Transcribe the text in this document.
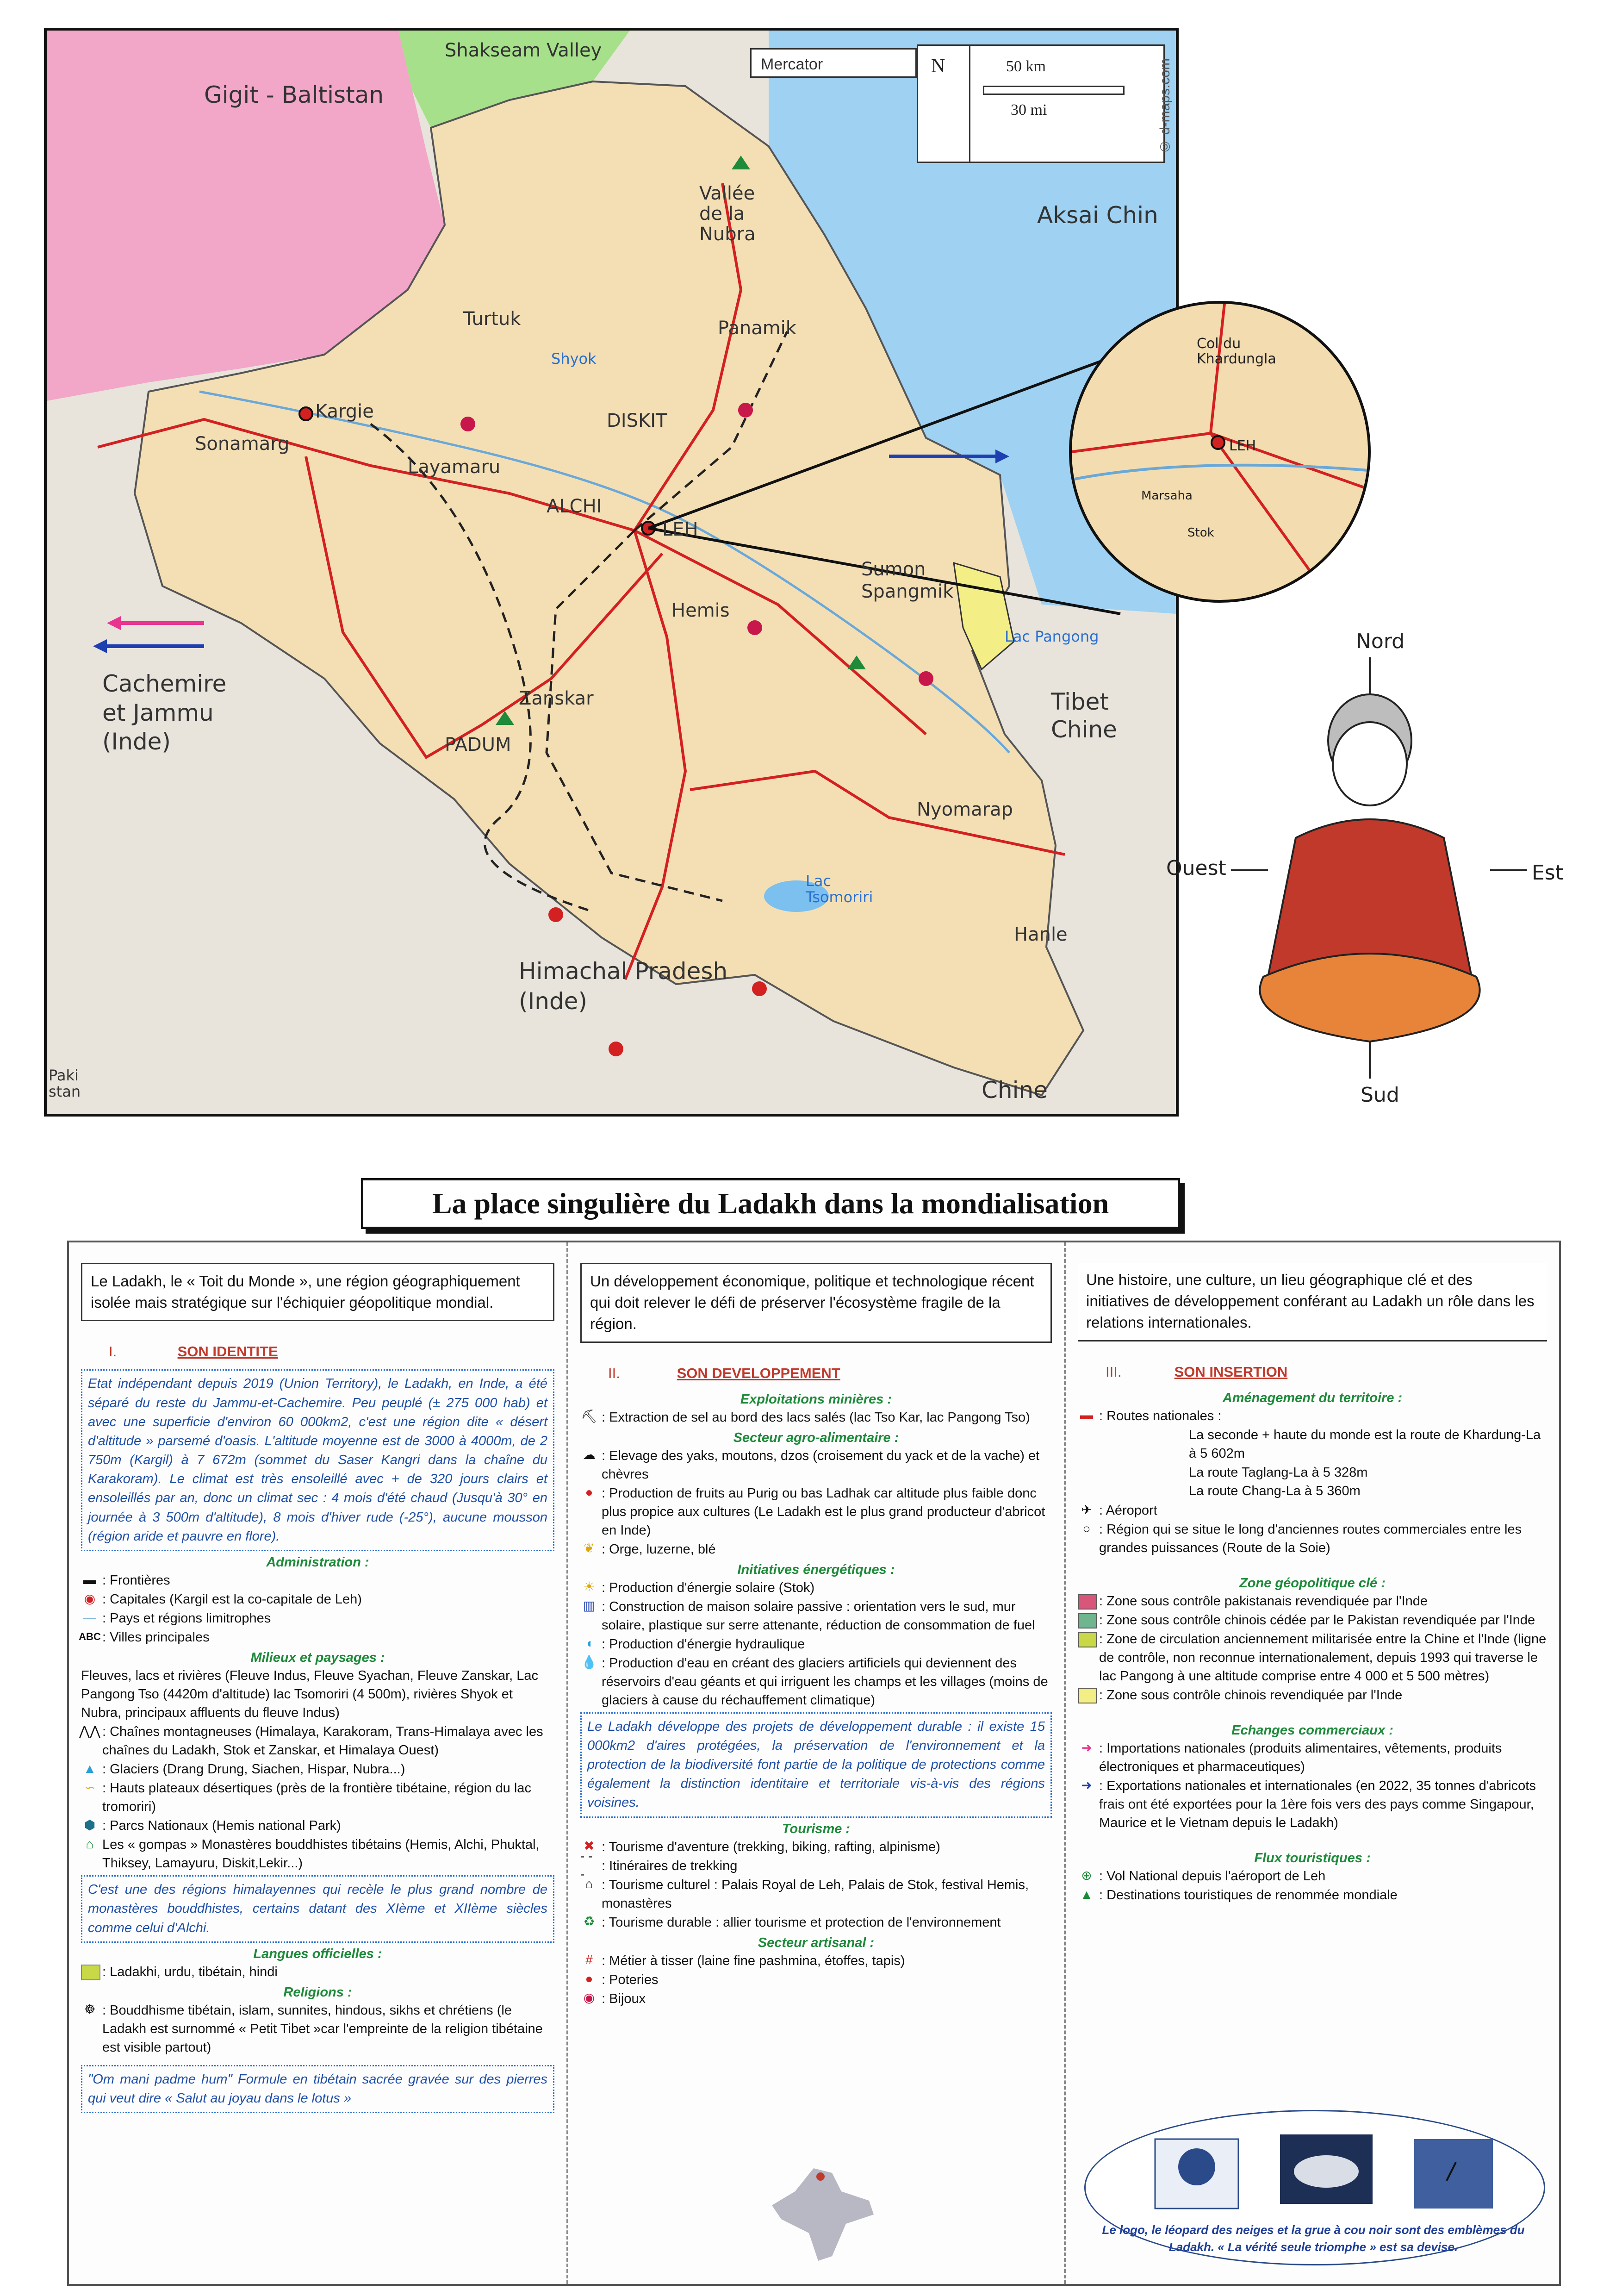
Gigit - Baltistan
Shakseam Valley
Aksai Chin
Cachemire et Jammu (Inde)
Himachal Pradesh (Inde)
Tibet Chine
Paki stan	Chine
Vallée de la Nubra
Kargie
Sonamarg
Turtuk
Shyok
DISKIT
Panamik
Layamaru
ALCHI
LEH
Hemis
Zanskar
PADUM
Sumon Spangmik
Lac Pangong
Lac Tsomoriri
Nyomarap
Hanle
Mercator	N	50 km
30 mi	© d-maps.com
Col du Khardungla
LEH
Marsaha
Stok
Nord
Sud
Ouest	Est
La place singulière du Ladakh dans la mondialisation
Le Ladakh, le « Toit du Monde », une région géographiquement isolée mais stratégique sur l'échiquier géopolitique mondial.
I.	SON IDENTITE
Etat indépendant depuis 2019 (Union Territory), le Ladakh, en Inde, a été séparé du reste du Jammu-et-Cachemire. Peu peuplé (± 275 000 hab) et avec une superficie d'environ 60 000km2, c'est une région dite « désert d'altitude » parsemé d'oasis. L'altitude moyenne est de 3000 à 4000m, de 2 750m (Kargil) à 7 672m (sommet du Saser Kangri dans la chaîne du Karakoram). Le climat est très ensoleillé avec + de 320 jours clairs et ensoleillés par an, donc un climat sec : 4 mois d'été chaud (Jusqu'à 30° en journée à 3 500m d'altitude), 8 mois d'hiver rude (-25°), aucune mousson (région aride et pauvre en flore).
Administration :
▬ : Frontières
◉ : Capitales (Kargil est la co-capitale de Leh)
— : Pays et régions limitrophes
ABC : Villes principales
Milieux et paysages :
Fleuves, lacs et rivières (Fleuve Indus, Fleuve Syachan, Fleuve Zanskar, Lac Pangong Tso (4420m d'altitude) lac Tsomoriri (4 500m), rivières Shyok et Nubra, principaux affluents du fleuve Indus)
⋀⋀ : Chaînes montagneuses (Himalaya, Karakoram, Trans-Himalaya avec les chaînes du Ladakh, Stok et Zanskar, et Himalaya Ouest)
▲ : Glaciers (Drang Drung, Siachen, Hispar, Nubra...)
∽ : Hauts plateaux désertiques (près de la frontière tibétaine, région du lac tromoriri)
⬢ : Parcs Nationaux (Hemis national Park)
⌂ Les « gompas » Monastères bouddhistes tibétains (Hemis, Alchi, Phuktal, Thiksey, Lamayuru, Diskit,Lekir...)
C'est une des régions himalayennes qui recèle le plus grand nombre de monastères bouddhistes, certains datant des XIème et XIIème siècles comme celui d'Alchi.
Langues officielles :
: Ladakhi, urdu, tibétain, hindi
Religions :
☸ : Bouddhisme tibétain, islam, sunnites, hindous, sikhs et chrétiens (le Ladakh est surnommé « Petit Tibet »car l'empreinte de la religion tibétaine est visible partout)
"Om mani padme hum" Formule en tibétain sacrée gravée sur des pierres qui veut dire « Salut au joyau dans le lotus »
Un développement économique, politique et technologique récent qui doit relever le défi de préserver l'écosystème fragile de la région.
II.	SON DEVELOPPEMENT
Exploitations minières :
⛏ : Extraction de sel au bord des lacs salés (lac Tso Kar, lac Pangong Tso)
Secteur agro-alimentaire :
☁ : Elevage des yaks, moutons, dzos (croisement du yack et de la vache) et chèvres
● : Production de fruits au Purig ou bas Ladhak car altitude plus faible donc plus propice aux cultures (Le Ladakh est le plus grand producteur d'abricot en Inde)
❦ : Orge, luzerne, blé
Initiatives énergétiques :
☀ : Production d'énergie solaire (Stok)
▥ : Construction de maison solaire passive : orientation vers le sud, mur solaire, plastique sur serre attenante, réduction de consommation de fuel
◖ : Production d'énergie hydraulique
💧 : Production d'eau en créant des glaciers artificiels qui deviennent des réservoirs d'eau géants et qui irriguent les champs et les villages (moins de glaciers à cause du réchauffement climatique)
Le Ladakh développe des projets de développement durable : il existe 15 000km2 d'aires protégées, la préservation de l'environnement et la protection de la biodiversité font partie de la politique de protections comme également la distinction identitaire et territoriale vis-à-vis des régions voisines.
Tourisme :
✖ : Tourisme d'aventure (trekking, biking, rafting, alpinisme)
- - -
: Itinéraires de trekking
⌂ : Tourisme culturel : Palais Royal de Leh, Palais de Stok, festival Hemis, monastères
♻ : Tourisme durable : allier tourisme et protection de l'environnement
Secteur artisanal :
# : Métier à tisser (laine fine pashmina, étoffes, tapis)
● : Poteries
◉ : Bijoux
Une histoire, une culture, un lieu géographique clé et des initiatives de développement conférant au Ladakh un rôle dans les relations internationales.
III.	SON INSERTION
Aménagement du territoire :
▬ : Routes nationales :
La seconde + haute du monde est la route de Khardung-La à 5 602m
La route Taglang-La à 5 328m
La route Chang-La à 5 360m
✈ : Aéroport
○ : Région qui se situe le long d'anciennes routes commerciales entre les grandes puissances (Route de la Soie)
Zone géopolitique clé :
: Zone sous contrôle pakistanais revendiquée par l'Inde
: Zone sous contrôle chinois cédée par le Pakistan revendiquée par l'Inde
: Zone de circulation anciennement militarisée entre la Chine et l'Inde (ligne de contrôle, non reconnue internationalement, depuis 1993 qui traverse le lac Pangong à une altitude comprise entre 4 000 et 5 500 mètres)
: Zone sous contrôle chinois revendiquée par l'Inde
Echanges commerciaux :
➜ : Importations nationales (produits alimentaires, vêtements, produits électroniques et pharmaceutiques)
➜ : Exportations nationales et internationales (en 2022, 35 tonnes d'abricots frais ont été exportées pour la 1ère fois vers des pays comme Singapour, Maurice et le Vietnam depuis le Ladakh)
Flux touristiques :
⊕ : Vol National depuis l'aéroport de Leh
▲ : Destinations touristiques de renommée mondiale
Le logo, le léopard des neiges et la grue à cou noir sont des emblèmes du Ladakh. « La vérité seule triomphe » est sa devise.
